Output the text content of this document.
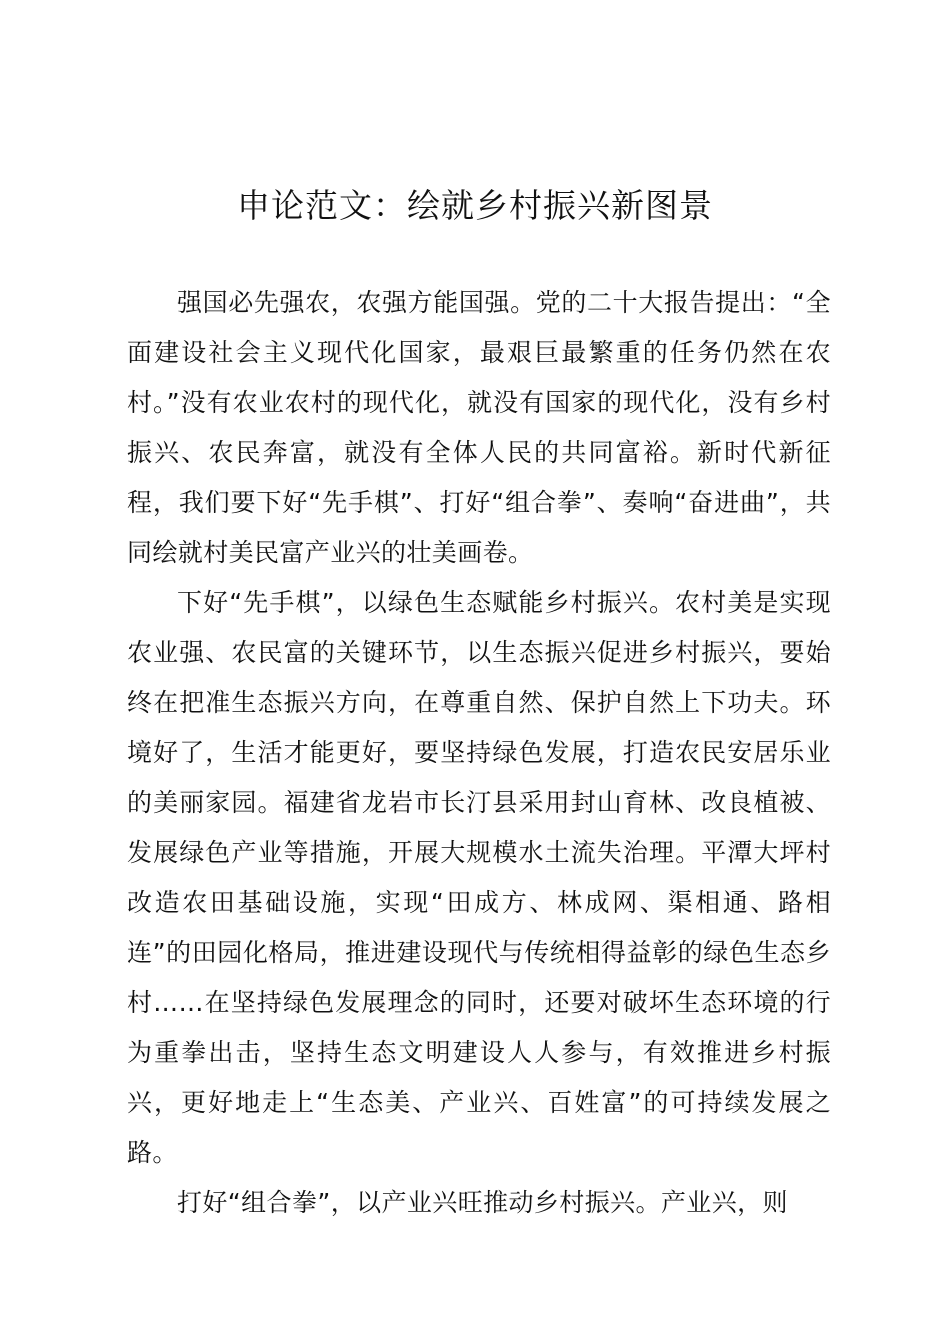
申论范文：绘就乡村振兴新图景

强国必先强农，农强方能国强。党的二十大报告提出：“全面建设社会主义现代化国家，最艰巨最繁重的任务仍然在农村。”没有农业农村的现代化，就没有国家的现代化，没有乡村振兴、农民奔富，就没有全体人民的共同富裕。新时代新征程，我们要下好“先手棋”、打好“组合拳”、奏响“奋进曲”，共同绘就村美民富产业兴的壮美画卷。

下好“先手棋”，以绿色生态赋能乡村振兴。农村美是实现农业强、农民富的关键环节，以生态振兴促进乡村振兴，要始终在把准生态振兴方向，在尊重自然、保护自然上下功夫。环境好了，生活才能更好，要坚持绿色发展，打造农民安居乐业的美丽家园。福建省龙岩市长汀县采用封山育林、改良植被、发展绿色产业等措施，开展大规模水土流失治理。平潭大坪村改造农田基础设施，实现“田成方、林成网、渠相通、路相连”的田园化格局，推进建设现代与传统相得益彰的绿色生态乡村……在坚持绿色发展理念的同时，还要对破坏生态环境的行为重拳出击，坚持生态文明建设人人参与，有效推进乡村振兴，更好地走上“生态美、产业兴、百姓富”的可持续发展之路。

打好“组合拳”，以产业兴旺推动乡村振兴。产业兴，则
